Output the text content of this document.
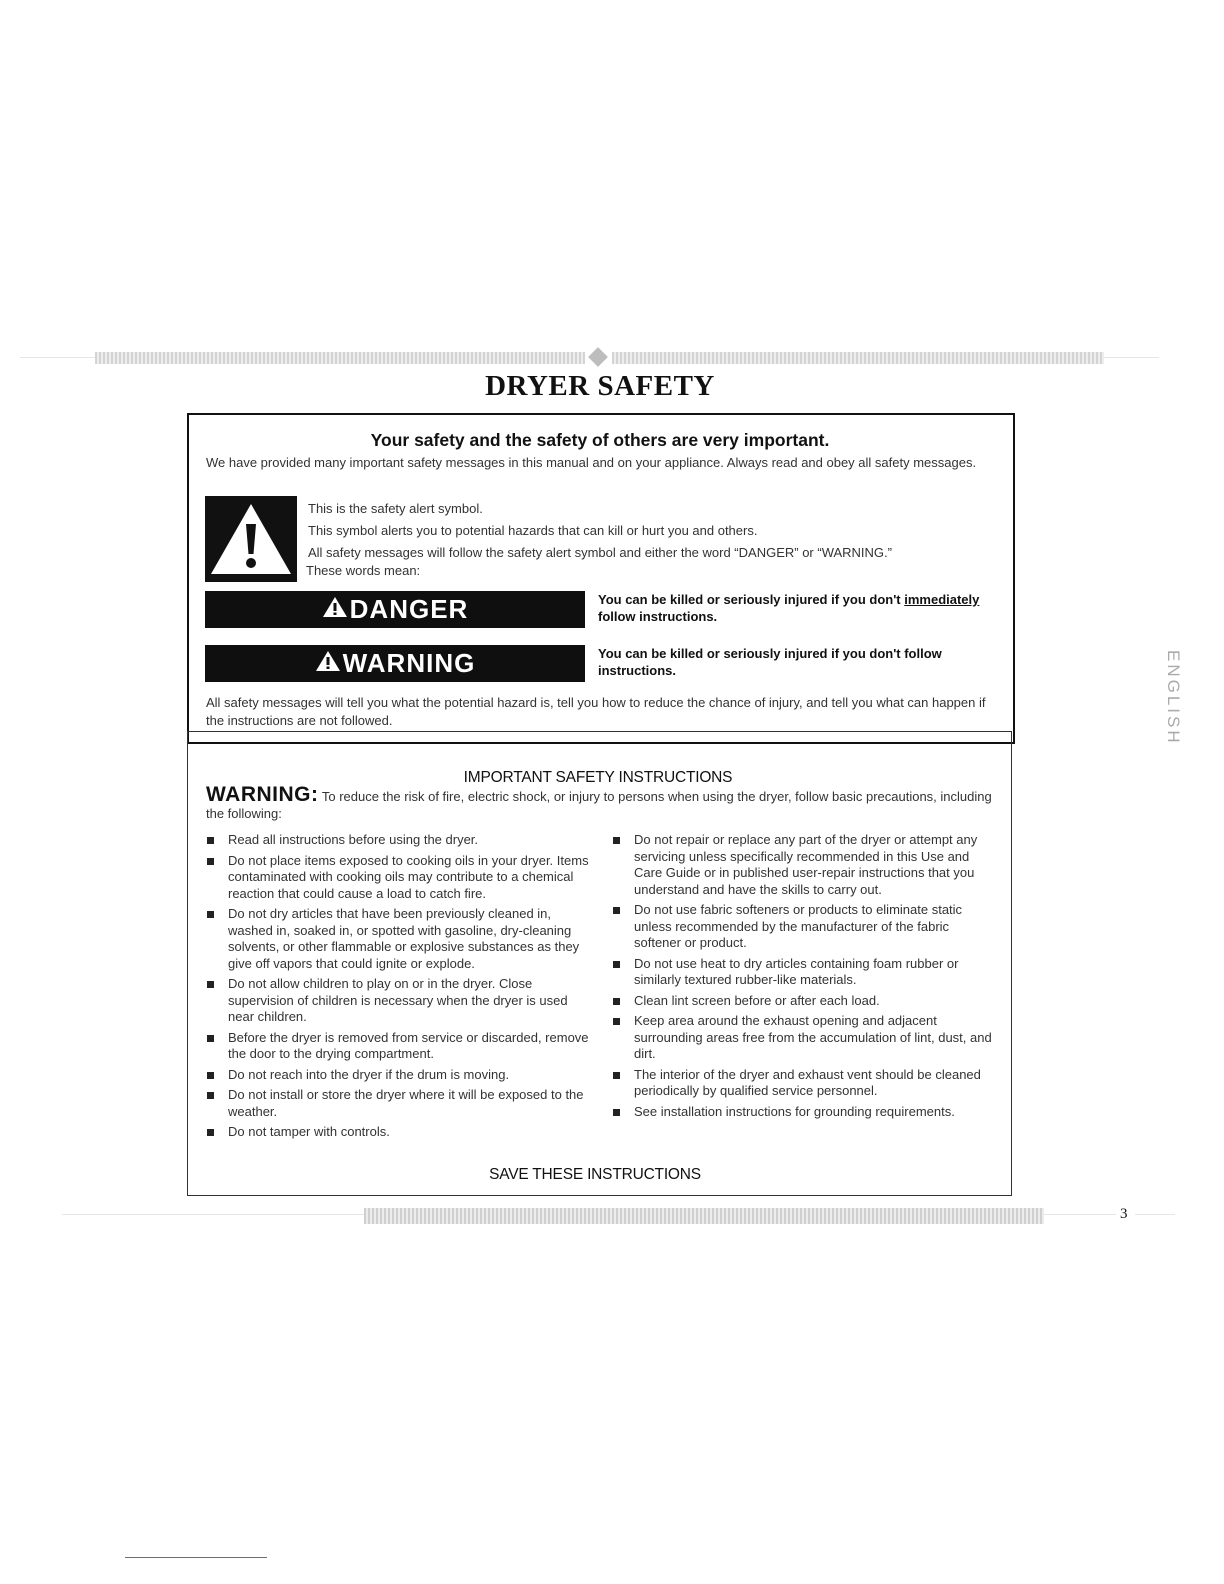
DRYER SAFETY
Your safety and the safety of others are very important.
We have provided many important safety messages in this manual and on your appliance. Always read and obey all safety messages.
This is the safety alert symbol.
This symbol alerts you to potential hazards that can kill or hurt you and others.
All safety messages will follow the safety alert symbol and either the word “DANGER” or “WARNING.”
These words mean:
DANGER	You can be killed or seriously injured if you don't immediately
follow instructions.
WARNING	You can be killed or seriously injured if you don't follow instructions.
All safety messages will tell you what the potential hazard is, tell you how to reduce the chance of injury, and tell you what can happen if the instructions are not followed.
IMPORTANT SAFETY INSTRUCTIONS
WARNING: To reduce the risk of fire, electric shock, or injury to persons when using the dryer, follow basic precautions, including the following:
Read all instructions before using the dryer.
Do not place items exposed to cooking oils in your dryer. Items contaminated with cooking oils may contribute to a chemical reaction that could cause a load to catch fire.
Do not dry articles that have been previously cleaned in, washed in, soaked in, or spotted with gasoline, dry-cleaning solvents, or other flammable or explosive substances as they give off vapors that could ignite or explode.
Do not allow children to play on or in the dryer. Close supervision of children is necessary when the dryer is used near children.
Before the dryer is removed from service or discarded, remove the door to the drying compartment.
Do not reach into the dryer if the drum is moving.
Do not install or store the dryer where it will be exposed to the weather.
Do not tamper with controls.
Do not repair or replace any part of the dryer or attempt any servicing unless specifically recommended in this Use and Care Guide or in published user-repair instructions that you understand and have the skills to carry out.
Do not use fabric softeners or products to eliminate static unless recommended by the manufacturer of the fabric softener or product.
Do not use heat to dry articles containing foam rubber or similarly textured rubber-like materials.
Clean lint screen before or after each load.
Keep area around the exhaust opening and adjacent surrounding areas free from the accumulation of lint, dust, and dirt.
The interior of the dryer and exhaust vent should be cleaned periodically by qualified service personnel.
See installation instructions for grounding requirements.
SAVE THESE INSTRUCTIONS
3
ENGLISH
